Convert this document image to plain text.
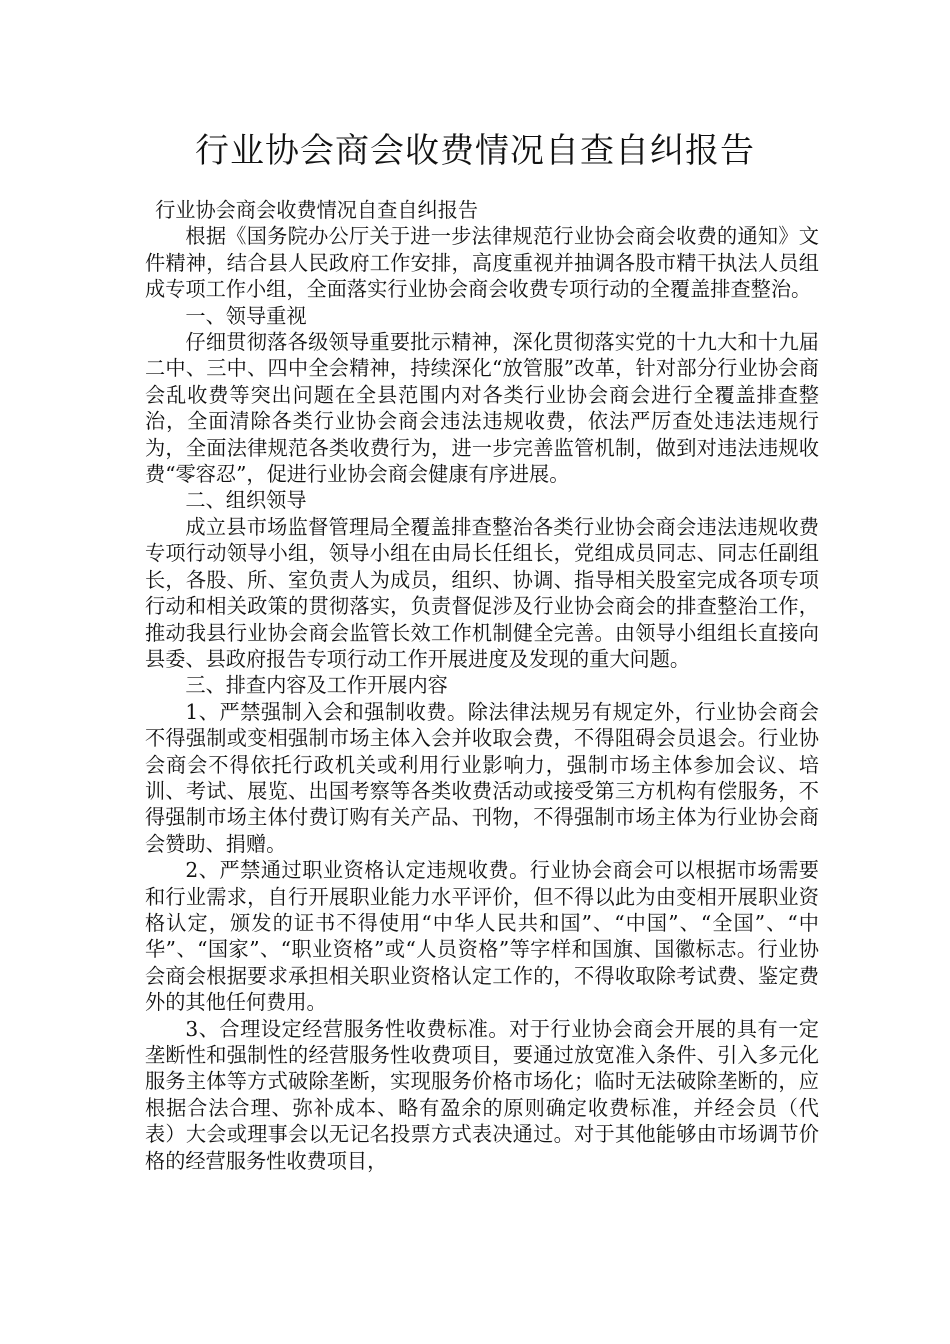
行业协会商会收费情况自查自纠报告

行业协会商会收费情况自查自纠报告

根据《国务院办公厅关于进一步法律规范行业协会商会收费的通知》文件精神，结合县人民政府工作安排，高度重视并抽调各股市精干执法人员组成专项工作小组，全面落实行业协会商会收费专项行动的全覆盖排查整治。

一、领导重视

仔细贯彻落各级领导重要批示精神，深化贯彻落实党的十九大和十九届二中、三中、四中全会精神，持续深化“放管服”改革，针对部分行业协会商会乱收费等突出问题在全县范围内对各类行业协会商会进行全覆盖排查整治，全面清除各类行业协会商会违法违规收费，依法严厉查处违法违规行为，全面法律规范各类收费行为，进一步完善监管机制，做到对违法违规收费“零容忍”，促进行业协会商会健康有序进展。

二、组织领导

成立县市场监督管理局全覆盖排查整治各类行业协会商会违法违规收费专项行动领导小组，领导小组在由局长任组长，党组成员同志、同志任副组长，各股、所、室负责人为成员，组织、协调、指导相关股室完成各项专项行动和相关政策的贯彻落实，负责督促涉及行业协会商会的排查整治工作，推动我县行业协会商会监管长效工作机制健全完善。由领导小组组长直接向县委、县政府报告专项行动工作开展进度及发现的重大问题。

三、排查内容及工作开展内容

1、严禁强制入会和强制收费。除法律法规另有规定外，行业协会商会不得强制或变相强制市场主体入会并收取会费，不得阻碍会员退会。行业协会商会不得依托行政机关或利用行业影响力，强制市场主体参加会议、培训、考试、展览、出国考察等各类收费活动或接受第三方机构有偿服务，不得强制市场主体付费订购有关产品、刊物，不得强制市场主体为行业协会商会赞助、捐赠。

2、严禁通过职业资格认定违规收费。行业协会商会可以根据市场需要和行业需求，自行开展职业能力水平评价，但不得以此为由变相开展职业资格认定，颁发的证书不得使用“中华人民共和国”、“中国”、“全国”、“中华”、“国家”、“职业资格”或“人员资格”等字样和国旗、国徽标志。行业协会商会根据要求承担相关职业资格认定工作的，不得收取除考试费、鉴定费外的其他任何费用。

3、合理设定经营服务性收费标准。对于行业协会商会开展的具有一定垄断性和强制性的经营服务性收费项目，要通过放宽准入条件、引入多元化服务主体等方式破除垄断，实现服务价格市场化；临时无法破除垄断的，应根据合法合理、弥补成本、略有盈余的原则确定收费标准，并经会员（代表）大会或理事会以无记名投票方式表决通过。对于其他能够由市场调节价格的经营服务性收费项目，
